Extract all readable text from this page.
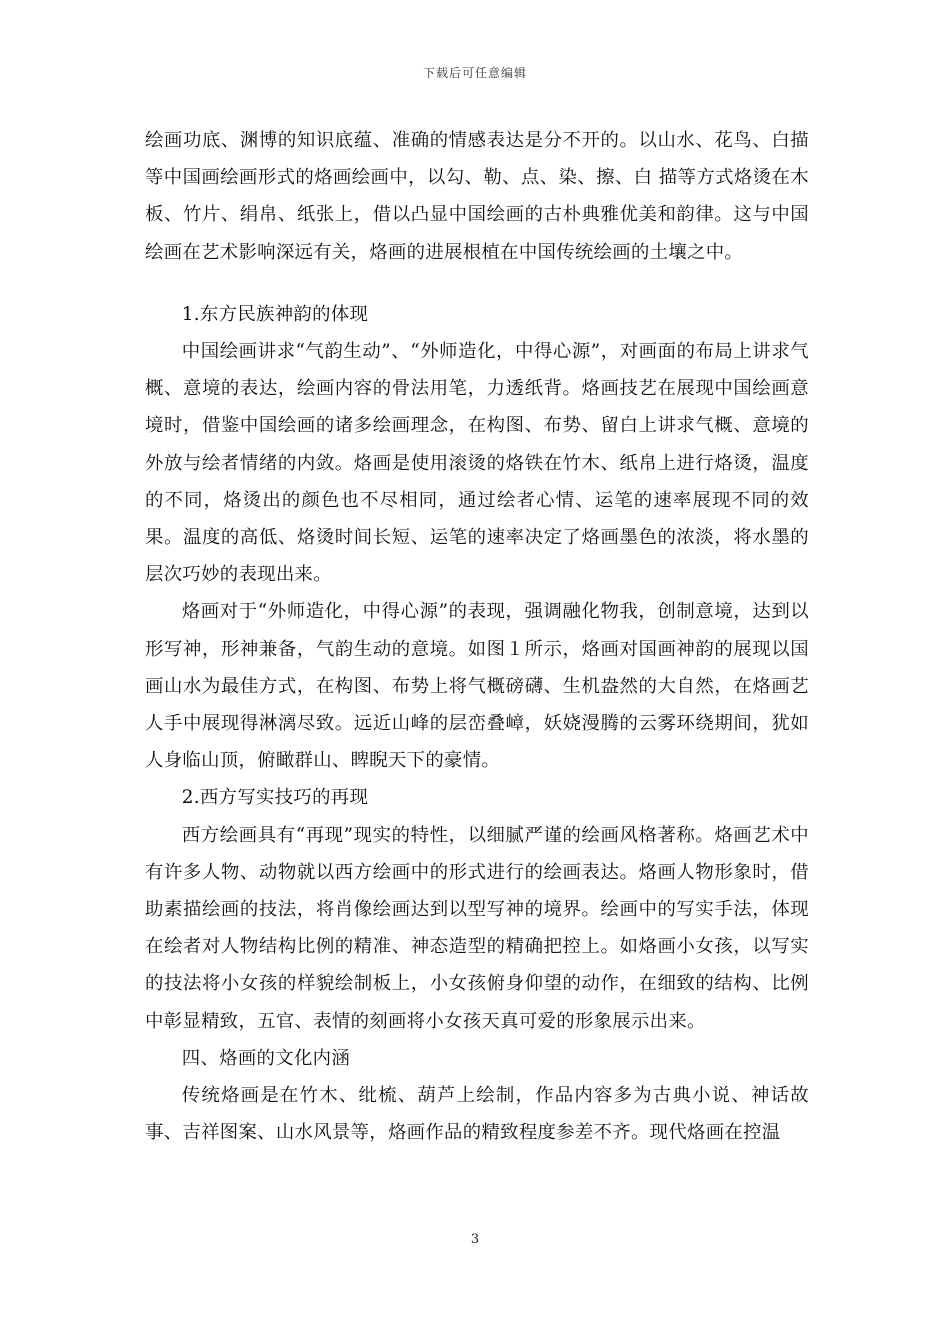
下载后可任意编辑

绘画功底、渊博的知识底蕴、准确的情感表达是分不开的。以山水、花鸟、白描等中国画绘画形式的烙画绘画中，以勾、勒、点、染、擦、白 描等方式烙烫在木板、竹片、绢帛、纸张上，借以凸显中国绘画的古朴典雅优美和韵律。这与中国绘画在艺术影响深远有关，烙画的进展根植在中国传统绘画的土壤之中。

1.东方民族神韵的体现

中国绘画讲求“气韵生动”、“外师造化，中得心源”，对画面的布局上讲求气概、意境的表达，绘画内容的骨法用笔，力透纸背。烙画技艺在展现中国绘画意境时，借鉴中国绘画的诸多绘画理念，在构图、布势、留白上讲求气概、意境的外放与绘者情绪的内敛。烙画是使用滚烫的烙铁在竹木、纸帛上进行烙烫，温度的不同，烙烫出的颜色也不尽相同，通过绘者心情、运笔的速率展现不同的效果。温度的高低、烙烫时间长短、运笔的速率决定了烙画墨色的浓淡，将水墨的层次巧妙的表现出来。

烙画对于“外师造化，中得心源”的表现，强调融化物我，创制意境，达到以形写神，形神兼备，气韵生动的意境。如图１所示，烙画对国画神韵的展现以国画山水为最佳方式，在构图、布势上将气概磅礴、生机盎然的大自然，在烙画艺人手中展现得淋漓尽致。远近山峰的层峦叠嶂，妖娆漫腾的云雾环绕期间，犹如人身临山顶，俯瞰群山、睥睨天下的豪情。

2.西方写实技巧的再现

西方绘画具有“再现”现实的特性，以细腻严谨的绘画风格著称。烙画艺术中有许多人物、动物就以西方绘画中的形式进行的绘画表达。烙画人物形象时，借助素描绘画的技法，将肖像绘画达到以型写神的境界。绘画中的写实手法，体现在绘者对人物结构比例的精准、神态造型的精确把控上。如烙画小女孩，以写实的技法将小女孩的样貌绘制板上，小女孩俯身仰望的动作，在细致的结构、比例中彰显精致，五官、表情的刻画将小女孩天真可爱的形象展示出来。

四、烙画的文化内涵

传统烙画是在竹木、纰梳、葫芦上绘制，作品内容多为古典小说、神话故事、吉祥图案、山水风景等，烙画作品的精致程度参差不齐。现代烙画在控温

3
